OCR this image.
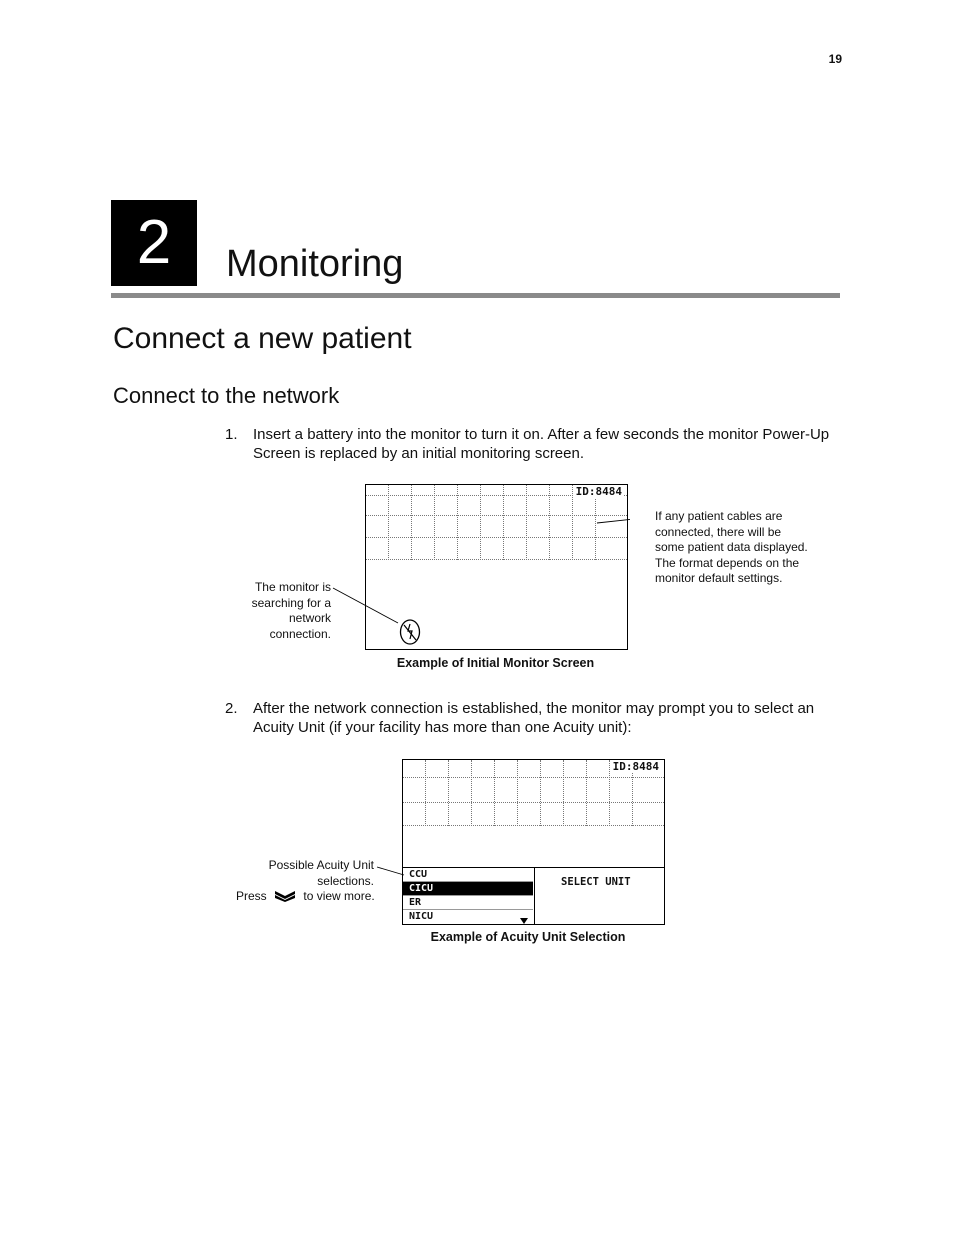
19
2	Monitoring
Connect a new patient
Connect to the network
1. Insert a battery into the monitor to turn it on. After a few seconds the monitor Power-Up Screen is replaced by an initial monitoring screen.
ID:8484
If any patient cables are
connected, there will be
some patient data displayed.
The format depends on the
monitor default settings.
The monitor is
searching for a
network
connection.
Example of Initial Monitor Screen
2. After the network connection is established, the monitor may prompt you to select an Acuity Unit (if your facility has more than one Acuity unit):
ID:8484
CCU
CICU
ER
NICU
SELECT UNIT
Possible Acuity Unit
selections.
Press	to view more.
Example of Acuity Unit Selection
